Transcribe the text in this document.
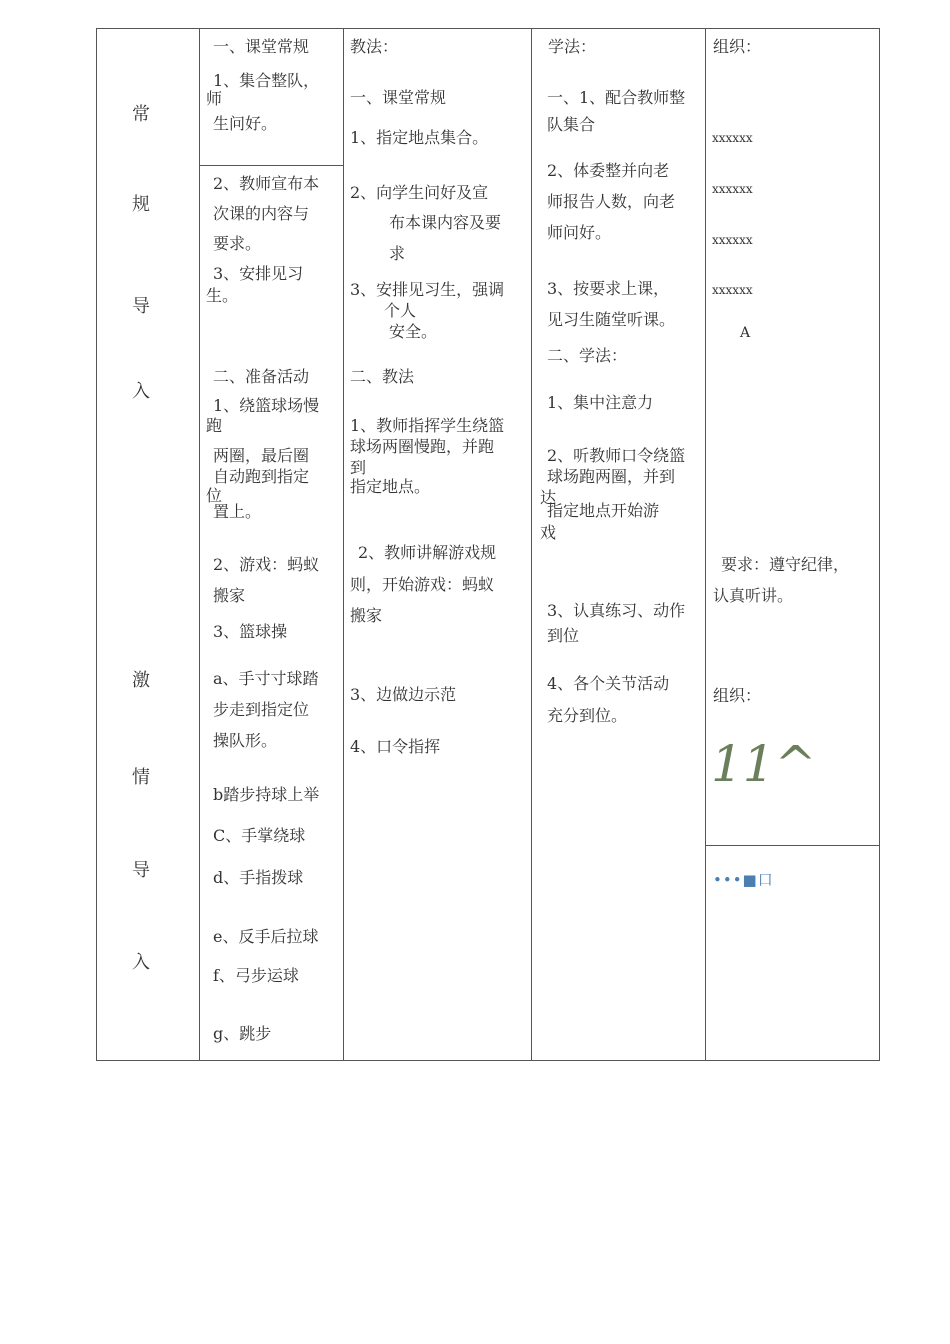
常
规
导
入
激
情
导
入
一、课堂常规
1、集合整队，
师
生问好。
2、教师宣布本
次课的内容与
要求。
3、安排见习
生。
二、准备活动
1、绕篮球场慢
跑
两圈，最后圈
自动跑到指定
位
置上。
2、游戏：蚂蚁
搬家
3、篮球操
a、手寸寸球踏
步走到指定位
操队形。
b踏步持球上举
C、手掌绕球
d、手指拨球
e、反手后拉球
f、弓步运球
g、跳步
教法：
一、课堂常规
1、指定地点集合。
2、向学生问好及宣
布本课内容及要
求
3、安排见习生，强调
个人
安全。
二、教法
1、教师指挥学生绕篮
球场两圈慢跑，并跑
到
指定地点。
2、教师讲解游戏规
则，开始游戏：蚂蚁
搬家
3、边做边示范
4、口令指挥
学法：
一、1、配合教师整
队集合
2、体委整并向老
师报告人数，向老
师问好。
3、按要求上课，
见习生随堂听课。
二、学法：
1、集中注意力
2、听教师口令绕篮
球场跑两圈，并到
达
指定地点开始游
戏
3、认真练习、动作
到位
4、各个关节活动
充分到位。
组织：
xxxxxx
xxxxxx
xxxxxx
xxxxxx
A
要求：遵守纪律，
认真听讲。
组织：
11^
•••■口
